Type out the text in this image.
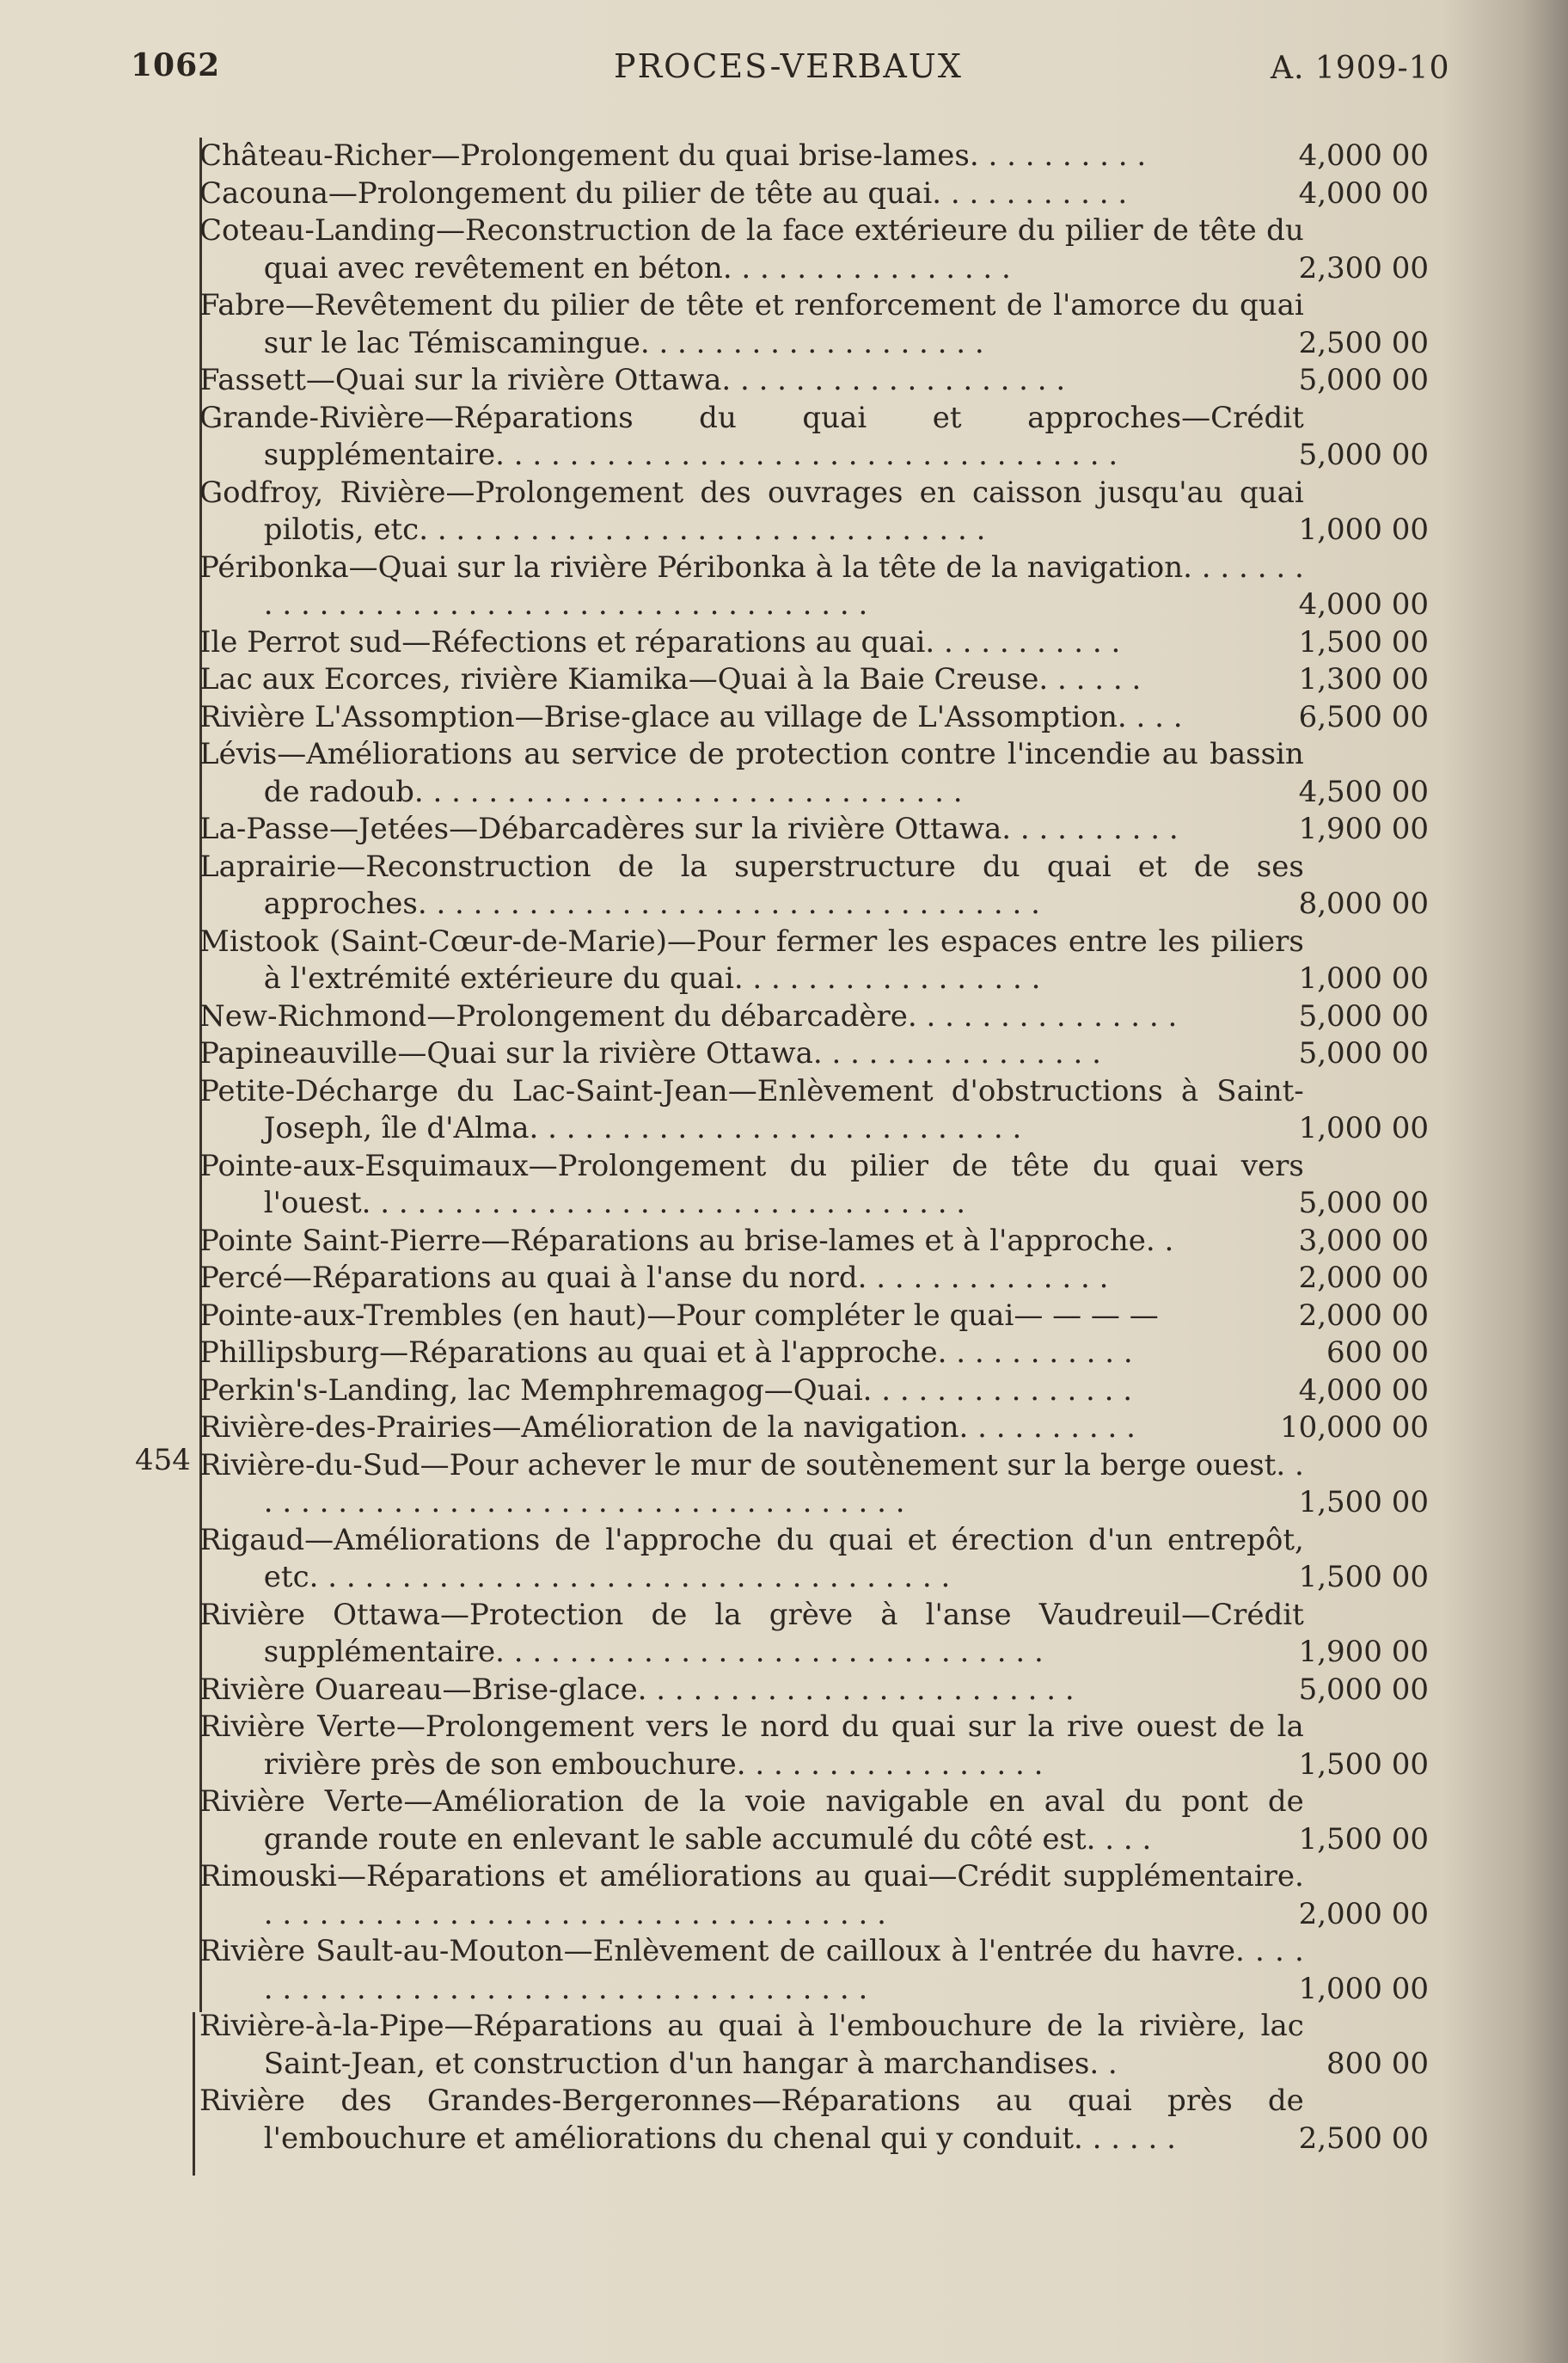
1062	PROCES-VERBAUX	A. 1909-10
454
Château-Richer—Prolongement du quai brise-lames. . . . . . . . . .	4,000 00
Cacouna—Prolongement du pilier de tête au quai. . . . . . . . . . .	4,000 00
Coteau-Landing—Reconstruction de la face extérieure du pilier de tête du quai avec revêtement en béton. . . . . . . . . . . . . . . .	2,300 00
Fabre—Revêtement du pilier de tête et renforcement de l'amorce du quai sur le lac Témiscamingue. . . . . . . . . . . . . . . . . . .	2,500 00
Fassett—Quai sur la rivière Ottawa. . . . . . . . . . . . . . . . . . .	5,000 00
Grande-Rivière—Réparations du quai et approches—Crédit supplémentaire. . . . . . . . . . . . . . . . . . . . . . . . . . . . . . . . . .	5,000 00
Godfroy, Rivière—Prolongement des ouvrages en caisson jusqu'au quai pilotis, etc. . . . . . . . . . . . . . . . . . . . . . . . . . . . . . .	1,000 00
Péribonka—Quai sur la rivière Péribonka à la tête de la navigation. . . . . . . . . . . . . . . . . . . . . . . . . . . . . . . . . . . . . . . .	4,000 00
Ile Perrot sud—Réfections et réparations au quai. . . . . . . . . . .	1,500 00
Lac aux Ecorces, rivière Kiamika—Quai à la Baie Creuse. . . . . .	1,300 00
Rivière L'Assomption—Brise-glace au village de L'Assomption. . . .	6,500 00
Lévis—Améliorations au service de protection contre l'incendie au bassin de radoub. . . . . . . . . . . . . . . . . . . . . . . . . . . . . .	4,500 00
La-Passe—Jetées—Débarcadères sur la rivière Ottawa. . . . . . . . . .	1,900 00
Laprairie—Reconstruction de la superstructure du quai et de ses approches. . . . . . . . . . . . . . . . . . . . . . . . . . . . . . . . . .	8,000 00
Mistook (Saint-Cœur-de-Marie)—Pour fermer les espaces entre les piliers à l'extrémité extérieure du quai. . . . . . . . . . . . . . . . .	1,000 00
New-Richmond—Prolongement du débarcadère. . . . . . . . . . . . . . .	5,000 00
Papineauville—Quai sur la rivière Ottawa. . . . . . . . . . . . . . . .	5,000 00
Petite-Décharge du Lac-Saint-Jean—Enlèvement d'obstructions à Saint-Joseph, île d'Alma. . . . . . . . . . . . . . . . . . . . . . . . . . .	1,000 00
Pointe-aux-Esquimaux—Prolongement du pilier de tête du quai vers l'ouest. . . . . . . . . . . . . . . . . . . . . . . . . . . . . . . . .	5,000 00
Pointe Saint-Pierre—Réparations au brise-lames et à l'approche. .	3,000 00
Percé—Réparations au quai à l'anse du nord. . . . . . . . . . . . . .	2,000 00
Pointe-aux-Trembles (en haut)—Pour compléter le quai— — — —	2,000 00
Phillipsburg—Réparations au quai et à l'approche. . . . . . . . . . .	600 00
Perkin's-Landing, lac Memphremagog—Quai. . . . . . . . . . . . . . .	4,000 00
Rivière-des-Prairies—Amélioration de la navigation. . . . . . . . . .	10,000 00
Rivière-du-Sud—Pour achever le mur de soutènement sur la berge ouest. . . . . . . . . . . . . . . . . . . . . . . . . . . . . . . . . . . . .	1,500 00
Rigaud—Améliorations de l'approche du quai et érection d'un entrepôt, etc. . . . . . . . . . . . . . . . . . . . . . . . . . . . . . . . . . .	1,500 00
Rivière Ottawa—Protection de la grève à l'anse Vaudreuil—Crédit supplémentaire. . . . . . . . . . . . . . . . . . . . . . . . . . . . . .	1,900 00
Rivière Ouareau—Brise-glace. . . . . . . . . . . . . . . . . . . . . . . .	5,000 00
Rivière Verte—Prolongement vers le nord du quai sur la rive ouest de la rivière près de son embouchure. . . . . . . . . . . . . . . . .	1,500 00
Rivière Verte—Amélioration de la voie navigable en aval du pont de grande route en enlevant le sable accumulé du côté est. . . .	1,500 00
Rimouski—Réparations et améliorations au quai—Crédit supplémentaire. . . . . . . . . . . . . . . . . . . . . . . . . . . . . . . . . . .	2,000 00
Rivière Sault-au-Mouton—Enlèvement de cailloux à l'entrée du havre. . . . . . . . . . . . . . . . . . . . . . . . . . . . . . . . . . . . .	1,000 00
Rivière-à-la-Pipe—Réparations au quai à l'embouchure de la rivière, lac Saint-Jean, et construction d'un hangar à marchandises. .	800 00
Rivière des Grandes-Bergeronnes—Réparations au quai près de l'embouchure et améliorations du chenal qui y conduit. . . . . .	2,500 00
